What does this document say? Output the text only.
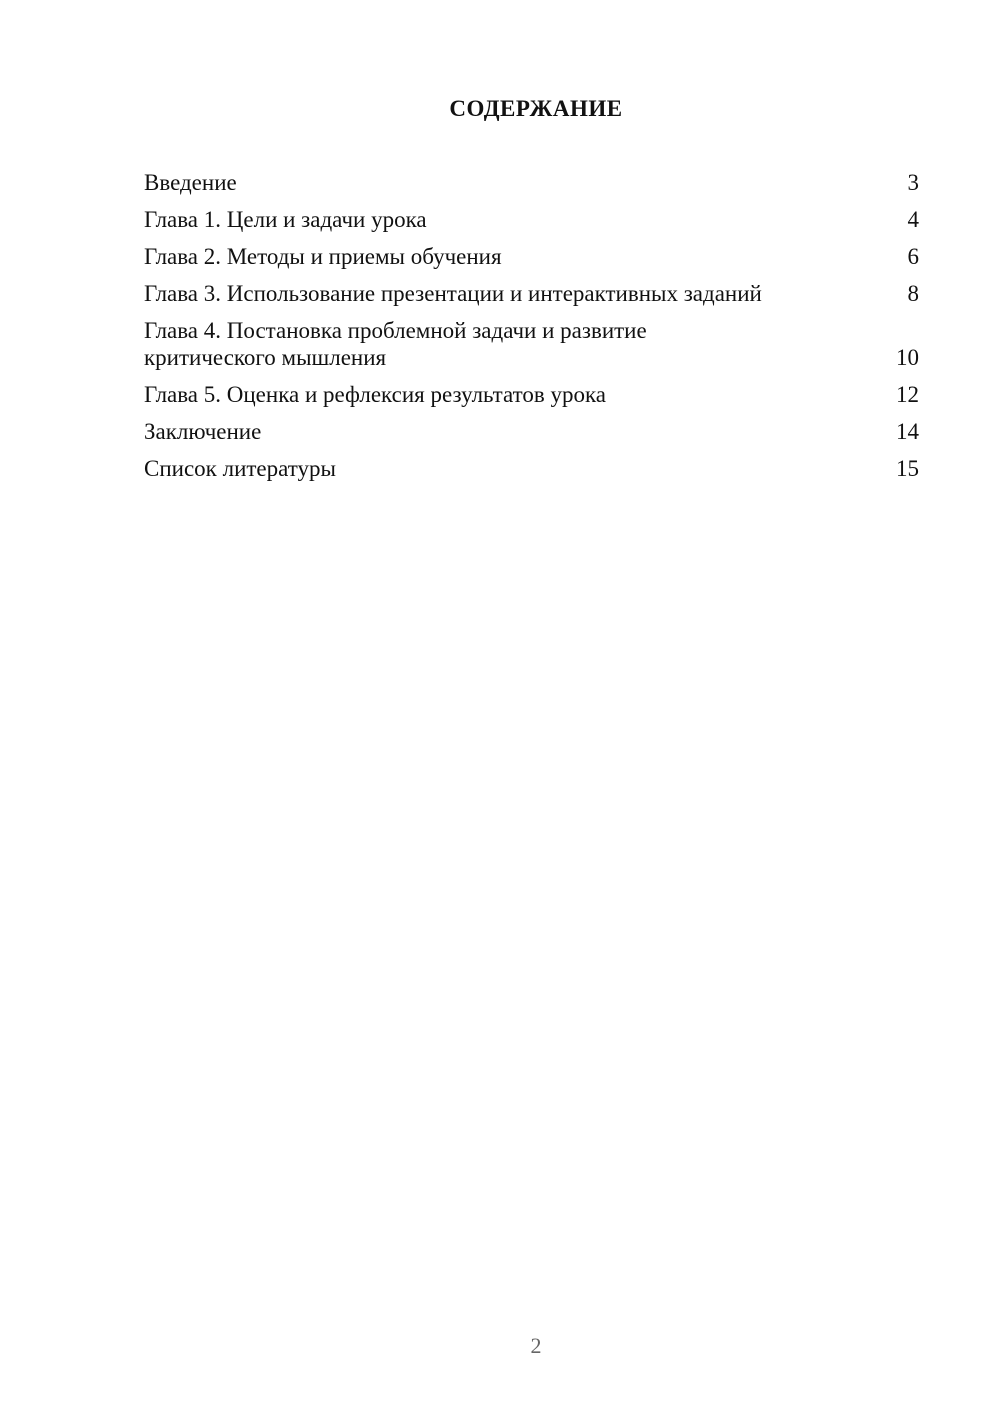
СОДЕРЖАНИЕ
Введение	3
Глава 1. Цели и задачи урока	4
Глава 2. Методы и приемы обучения	6
Глава 3. Использование презентации и интерактивных заданий	8
Глава 4. Постановка проблемной задачи и развитие критического мышления	10
Глава 5. Оценка и рефлексия результатов урока	12
Заключение	14
Список литературы	15
2
